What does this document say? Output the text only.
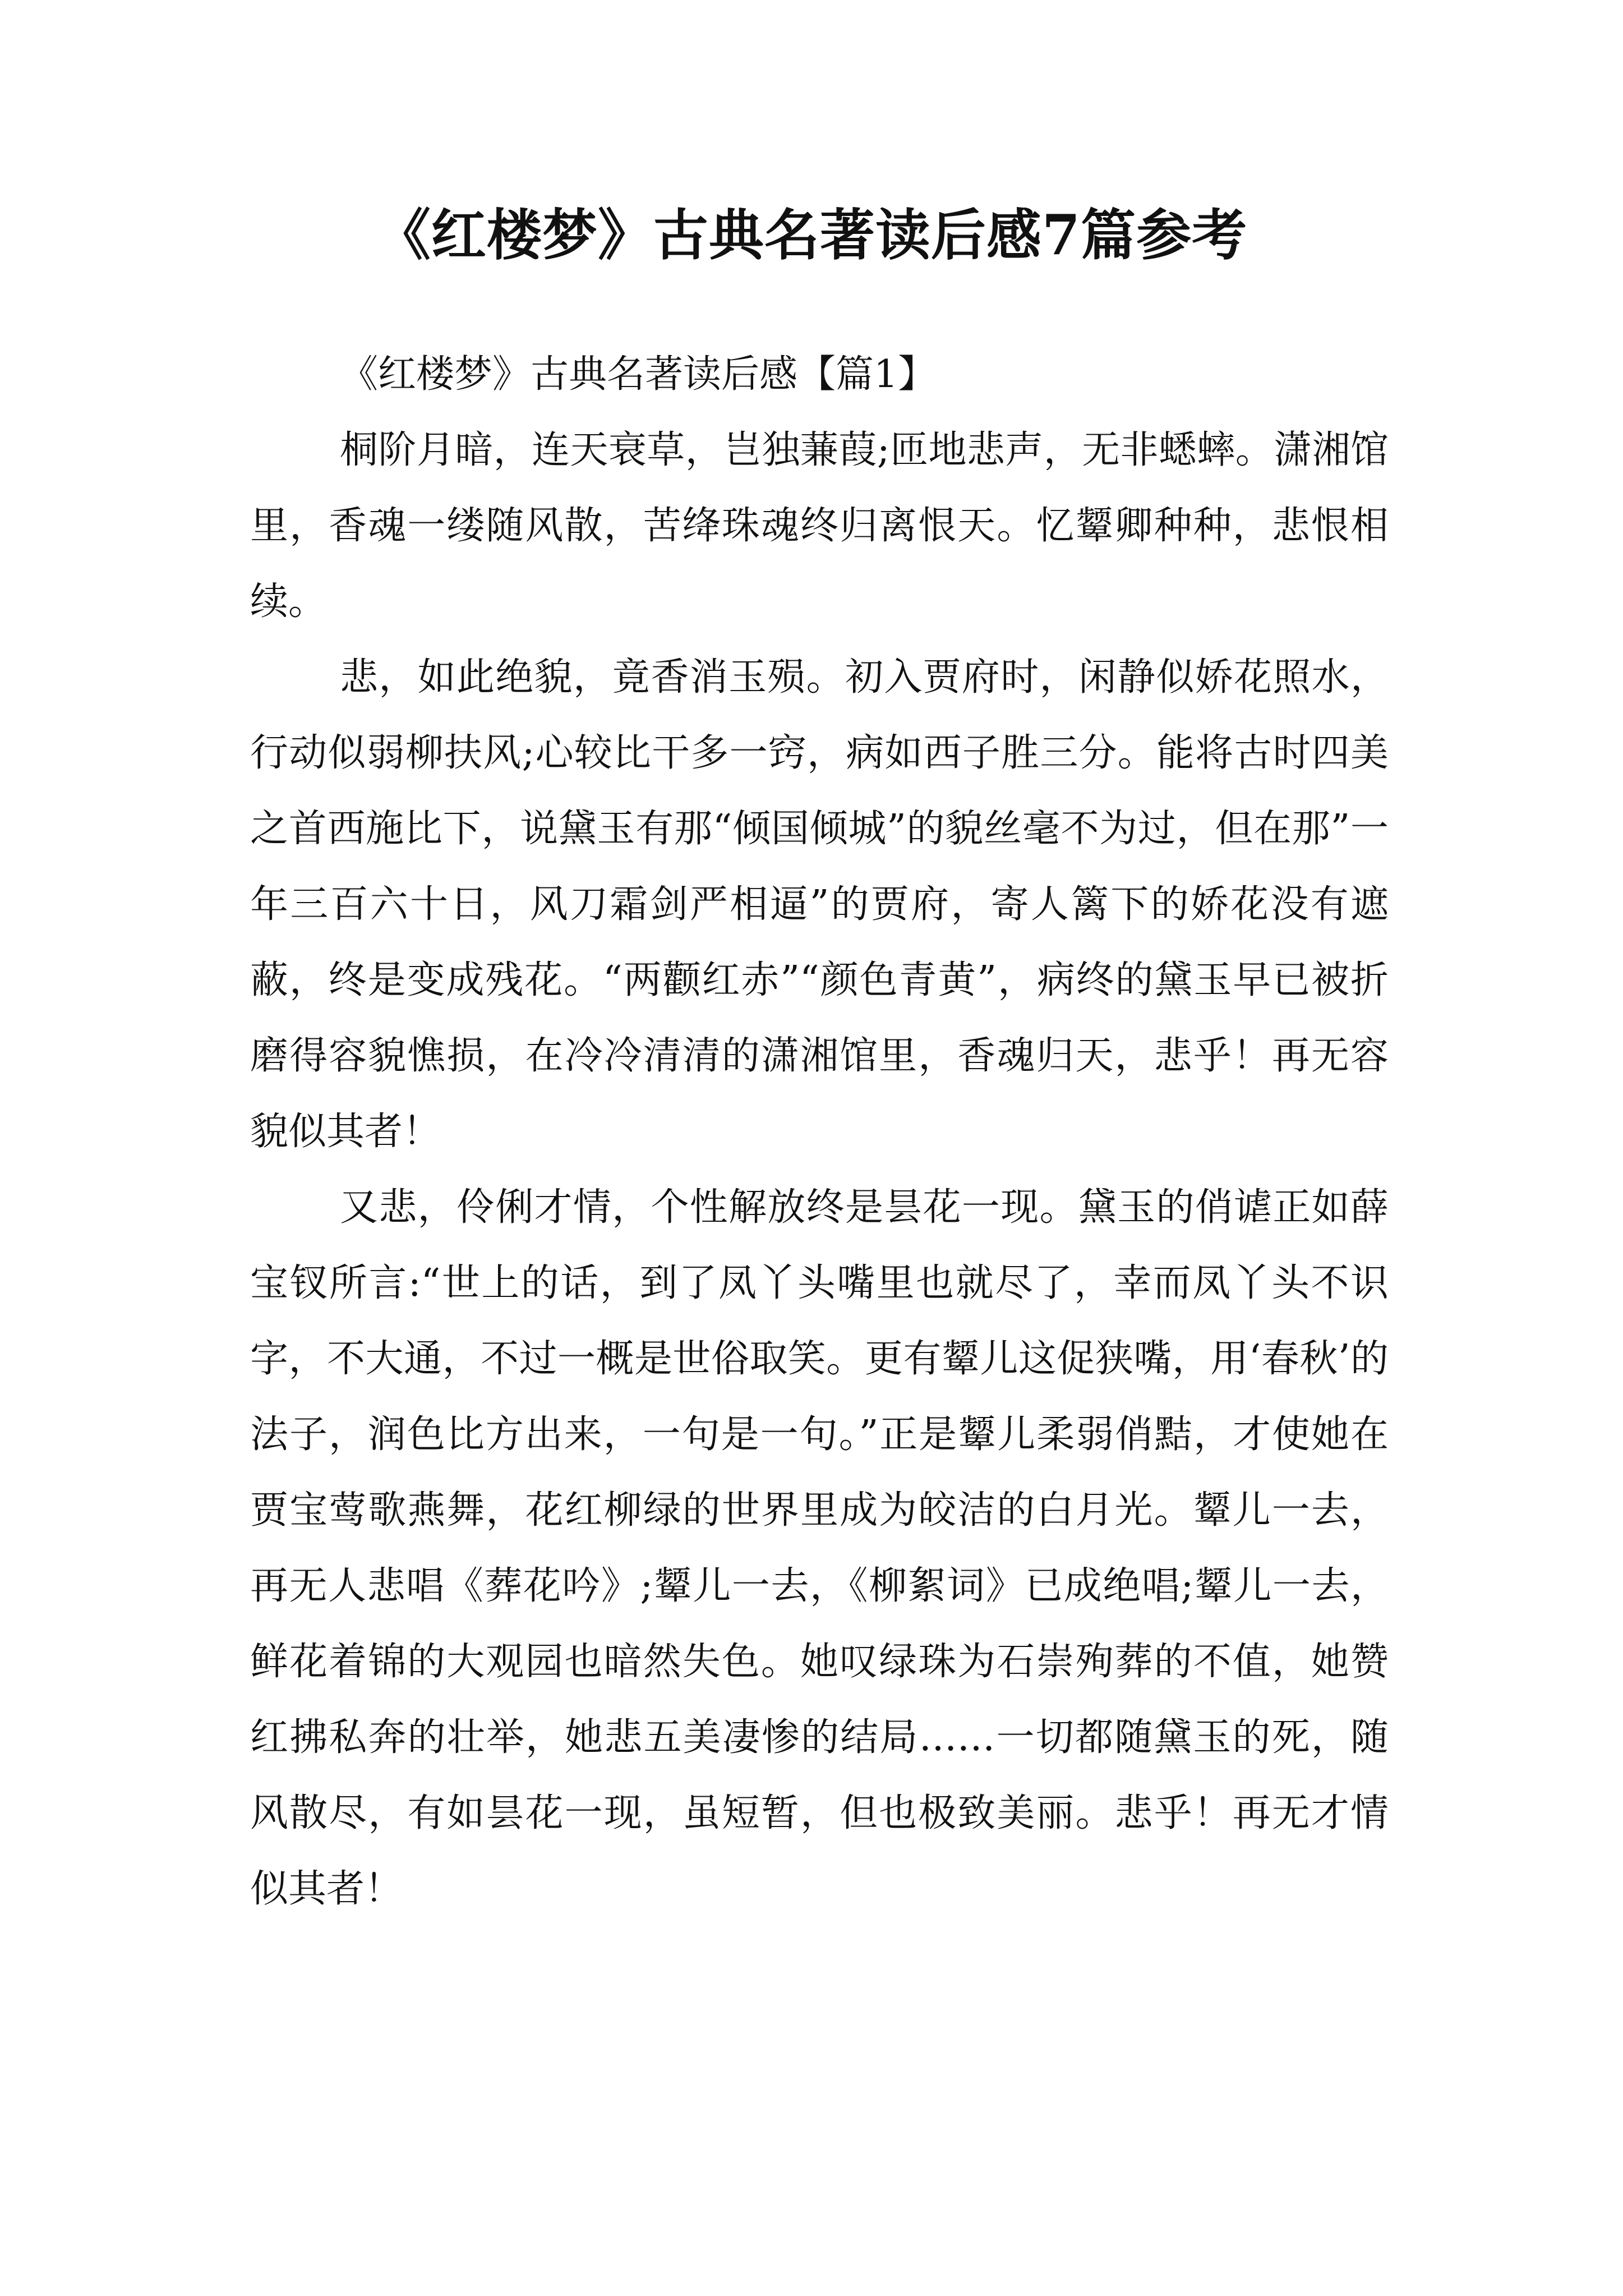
《红楼梦》古典名著读后感7篇参考
《红楼梦》古典名著读后感【篇1】

桐阶月暗，连天衰草，岂独蒹葭;匝地悲声，无非蟋蟀。潇湘馆里，香魂一缕随风散，苦绛珠魂终归离恨天。忆颦卿种种，悲恨相续。

悲，如此绝貌，竟香消玉殒。初入贾府时，闲静似娇花照水，行动似弱柳扶风;心较比干多一窍，病如西子胜三分。能将古时四美之首西施比下，说黛玉有那“倾国倾城”的貌丝毫不为过，但在那”一年三百六十日，风刀霜剑严相逼”的贾府，寄人篱下的娇花没有遮蔽，终是变成残花。“两颧红赤”“颜色青黄”，病终的黛玉早已被折磨得容貌憔损，在冷冷清清的潇湘馆里，香魂归天，悲乎！再无容貌似其者！

又悲，伶俐才情，个性解放终是昙花一现。黛玉的俏谑正如薛宝钗所言:“世上的话，到了凤丫头嘴里也就尽了，幸而凤丫头不识字，不大通，不过一概是世俗取笑。更有颦儿这促狭嘴，用‘春秋’的法子，润色比方出来，一句是一句。”正是颦儿柔弱俏黠，才使她在贾宝莺歌燕舞，花红柳绿的世界里成为皎洁的白月光。颦儿一去，再无人悲唱《葬花吟》;颦儿一去，《柳絮词》已成绝唱;颦儿一去，鲜花着锦的大观园也暗然失色。她叹绿珠为石崇殉葬的不值，她赞红拂私奔的壮举，她悲五美凄惨的结局……一切都随黛玉的死，随风散尽，有如昙花一现，虽短暂，但也极致美丽。悲乎！再无才情似其者！
